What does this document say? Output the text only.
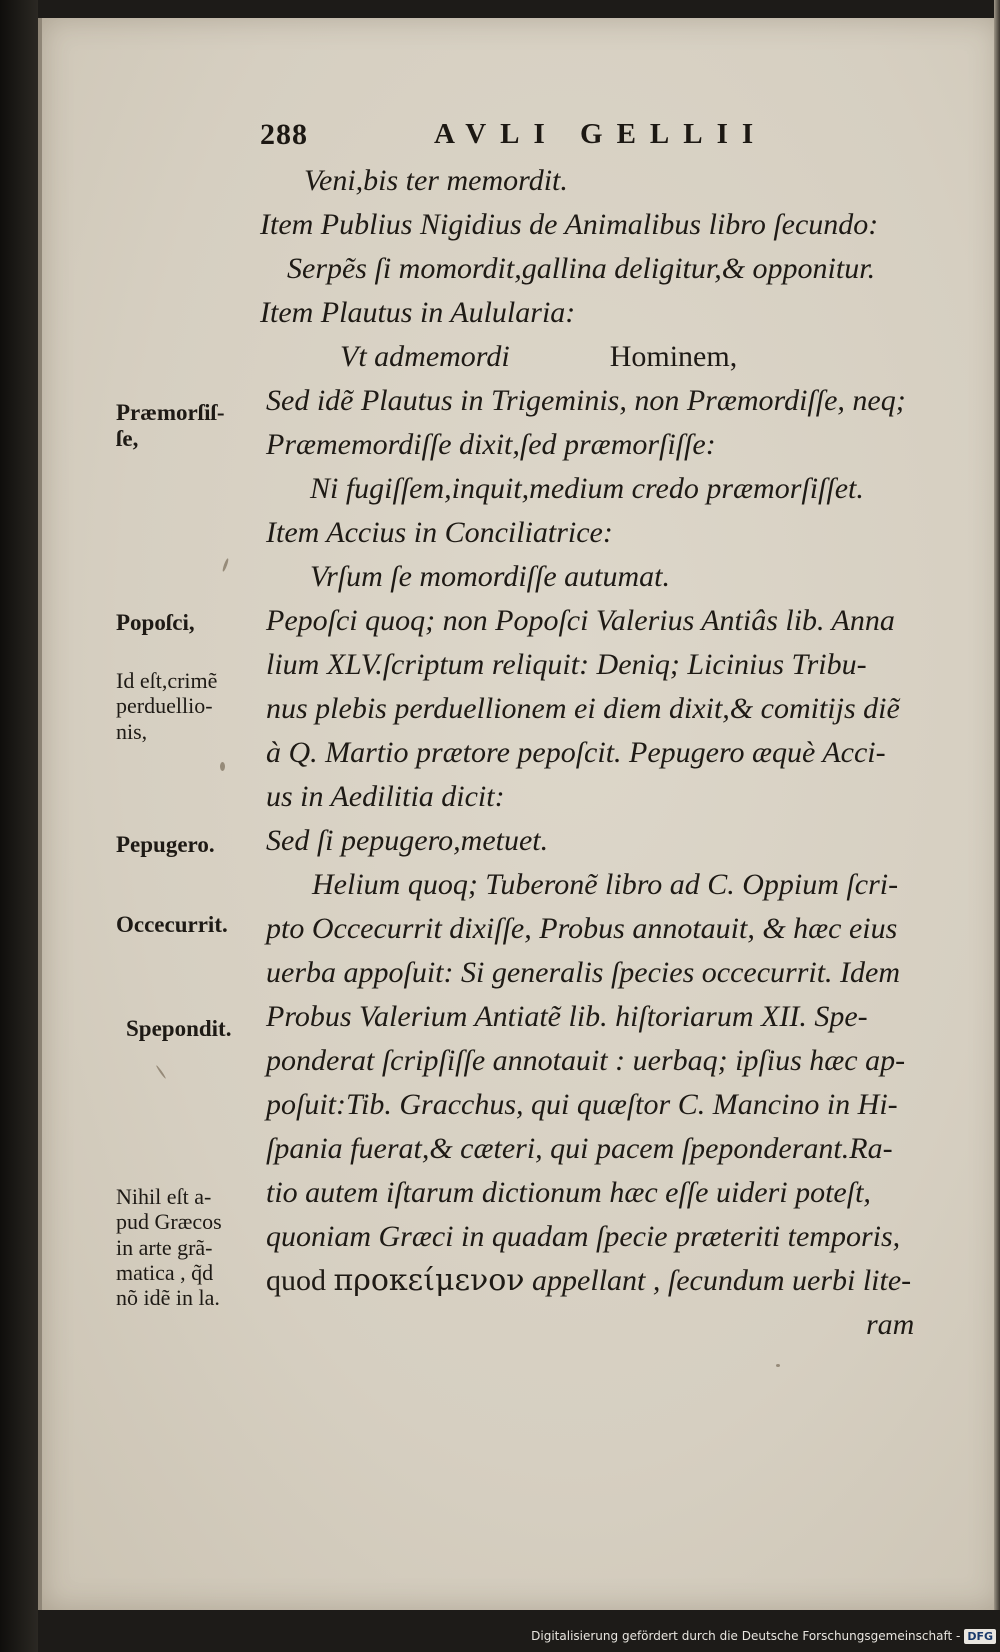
288	AVLI GELLII
Veni,bis ter memordit.
Item Publius Nigidius de Animalibus libro ſecundo:
Serpẽs ſi momordit,gallina deligitur,& opponitur.
Item Plautus in Aulularia:
Vt admemordi	Hominem,
Sed idẽ Plautus in Trigeminis, non Præmordiſſe, neq;
Præmemordiſſe dixit,ſed præmorſiſſe:
Ni fugiſſem,inquit,medium credo præmorſiſſet.
Item Accius in Conciliatrice:
Vrſum ſe momordiſſe autumat.
Pepoſci quoq; non Popoſci Valerius Antiâs lib. Anna
lium XLV.ſcriptum reliquit: Deniq; Licinius Tribu-
nus plebis perduellionem ei diem dixit,& comitijs diẽ
à Q. Martio prætore pepoſcit. Pepugero æquè Acci-
us in Aedilitia dicit:
Sed ſi pepugero,metuet.
Helium quoq; Tuberonẽ libro ad C. Oppium ſcri-
pto Occecurrit dixiſſe, Probus annotauit, & hæc eius
uerba appoſuit: Si generalis ſpecies occecurrit. Idem
Probus Valerium Antiatẽ lib. hiſtoriarum XII. Spe-
ponderat ſcripſiſſe annotauit : uerbaq; ipſius hæc ap-
poſuit:Tib. Gracchus, qui quæſtor C. Mancino in Hi-
ſpania fuerat,& cæteri, qui pacem ſpeponderant.Ra-
tio autem iſtarum dictionum hæc eſſe uideri poteſt,
quoniam Græci in quadam ſpecie præteriti temporis,
quod προκείμενον appellant , ſecundum uerbi lite-
ram
Præmorſiſ-
ſe,
Popoſci,
Id eſt,crimẽ
perduellio-
nis,
Pepugero.
Occecurrit.
Spepondit.
Nihil eſt a-
pud Græcos
in arte grã-
matica , q̃d
nõ idẽ in la.
Digitalisierung gefördert durch die Deutsche Forschungsgemeinschaft - DFG
